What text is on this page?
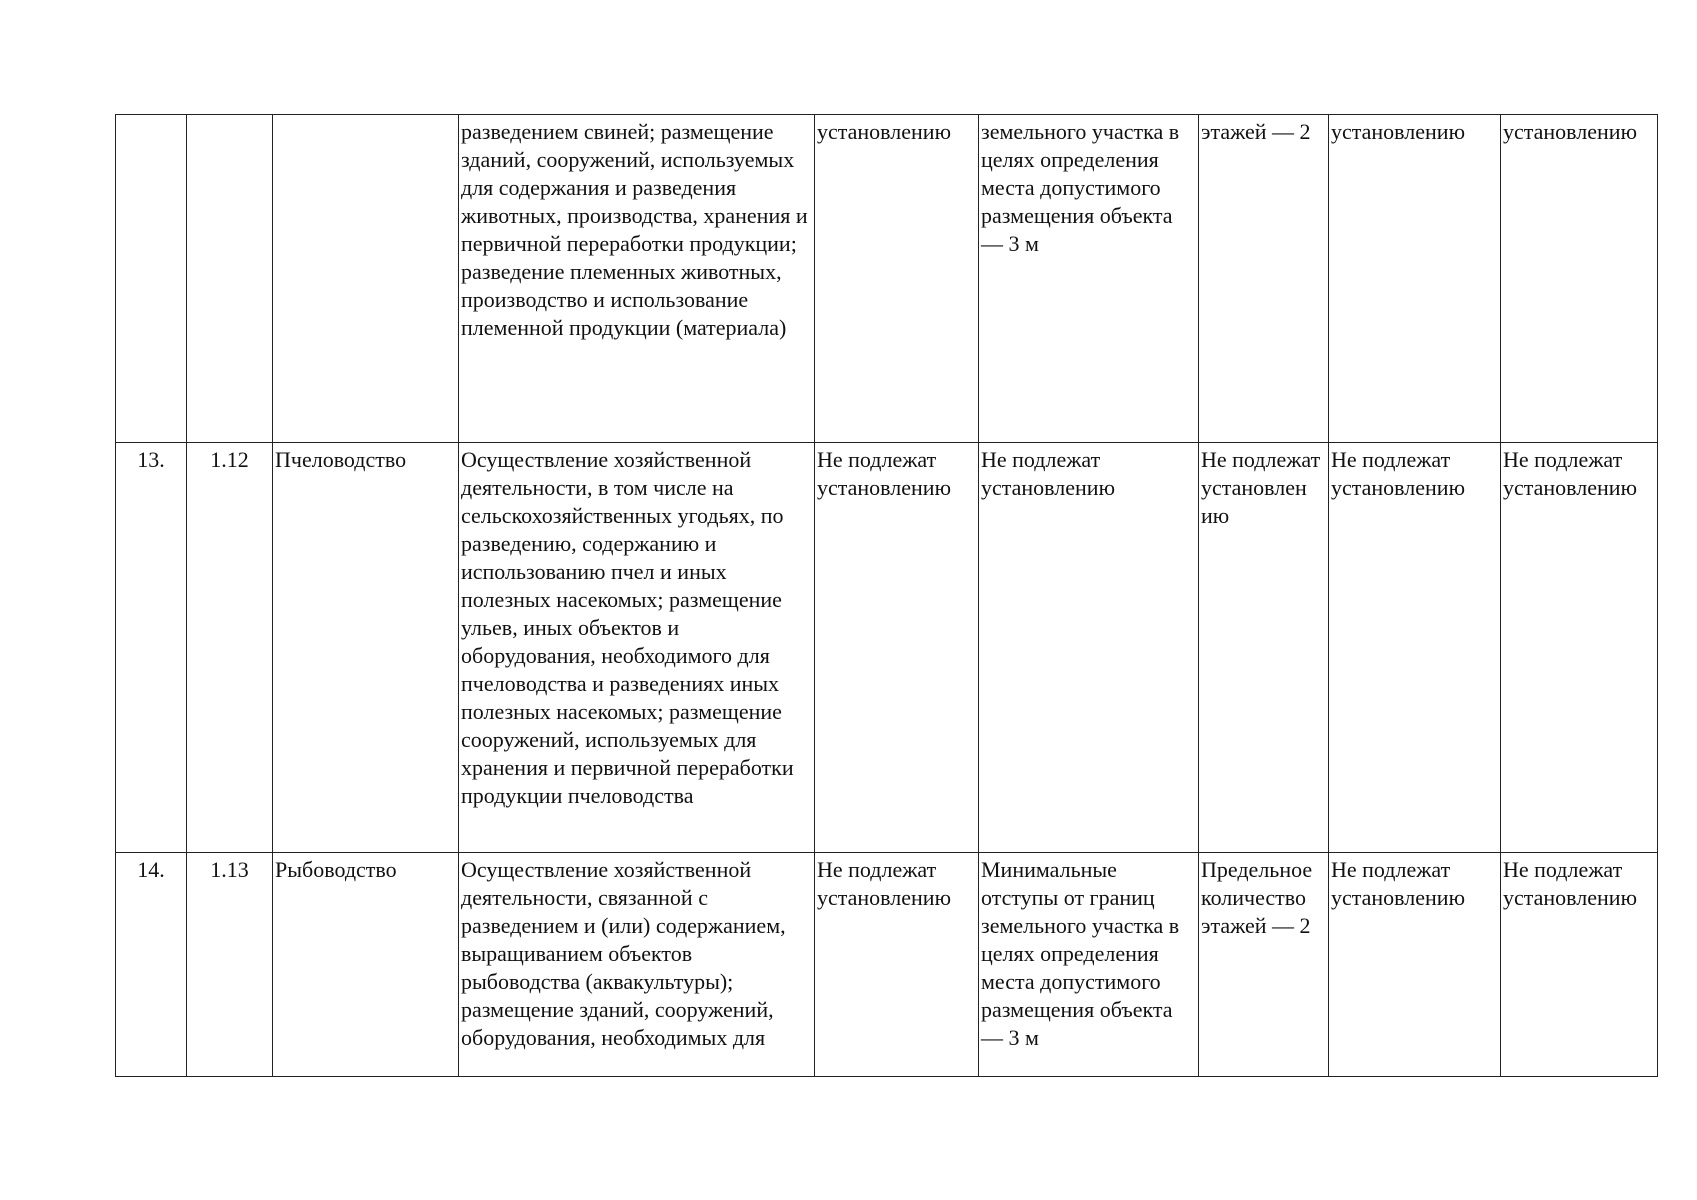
			разведением свиней; размещение зданий, сооружений, используемых для содержания и разведения животных, производства, хранения и первичной переработки продукции; разведение племенных животных, производство и использование племенной продукции (материала)	установлению	земельного участка в целях определения места допустимого размещения объекта — 3 м	этажей — 2	установлению	установлению
13.	1.12	Пчеловодство	Осуществление хозяйственной деятельности, в том числе на сельскохозяйственных угодьях, по разведению, содержанию и использованию пчел и иных полезных насекомых; размещение ульев, иных объектов и оборудования, необходимого для пчеловодства и разведениях иных полезных насекомых; размещение сооружений, используемых для хранения и первичной переработки продукции пчеловодства	Не подлежат установлению	Не подлежат установлению	Не подлежат установлен ию	Не подлежат установлению	Не подлежат установлению
14.	1.13	Рыбоводство	Осуществление хозяйственной деятельности, связанной с разведением и (или) содержанием, выращиванием объектов рыбоводства (аквакультуры); размещение зданий, сооружений, оборудования, необходимых для	Не подлежат установлению	Минимальные отступы от границ земельного участка в целях определения места допустимого размещения объекта — 3 м	Предельное количество этажей — 2	Не подлежат установлению	Не подлежат установлению
